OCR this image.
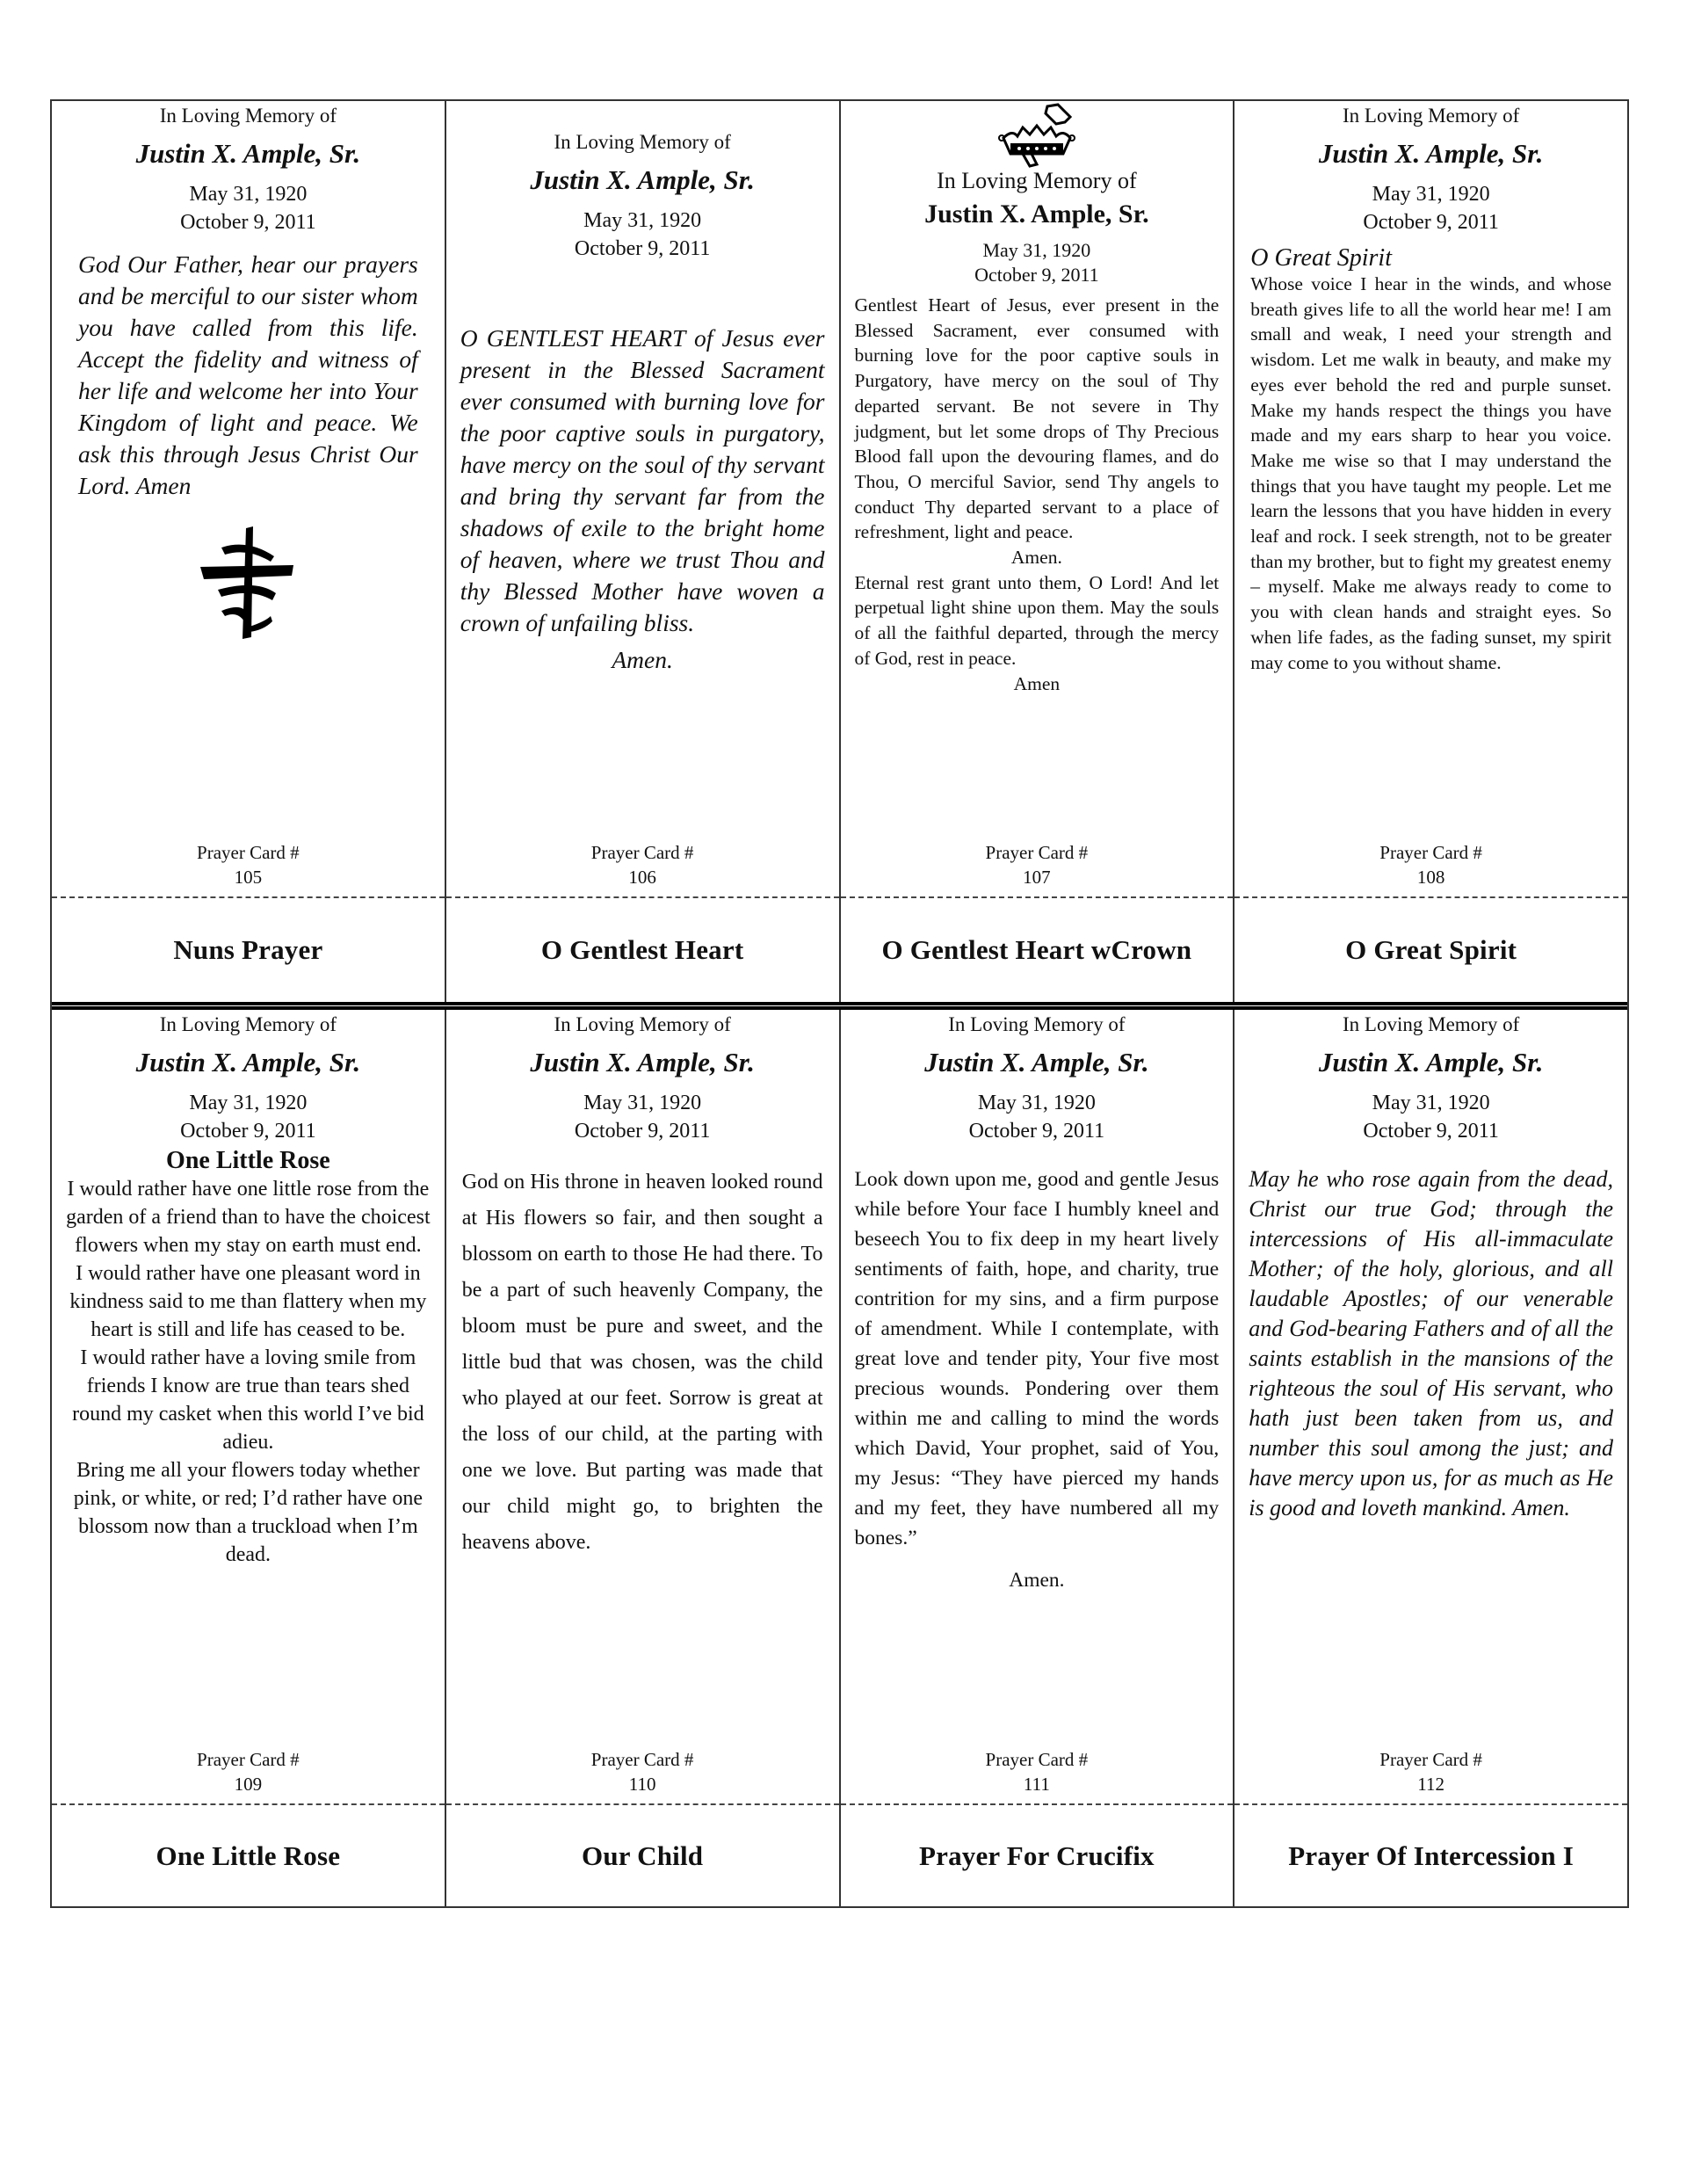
In Loving Memory of
Justin X. Ample, Sr.
May 31, 1920
October 9, 2011

God Our Father, hear our prayers and be merciful to our sister whom you have called from this life. Accept the fidelity and witness of her life and welcome her into Your Kingdom of light and peace. We ask this through Jesus Christ Our Lord. Amen

Prayer Card #
105
Nuns Prayer
In Loving Memory of
Justin X. Ample, Sr.
May 31, 1920
October 9, 2011

O GENTLEST HEART of Jesus ever present in the Blessed Sacrament ever consumed with burning love for the poor captive souls in purgatory, have mercy on the soul of thy servant and bring thy servant far from the shadows of exile to the bright home of heaven, where we trust Thou and thy Blessed Mother have woven a crown of unfailing bliss.

Amen.
Prayer Card #
106
O Gentlest Heart
In Loving Memory of
Justin X. Ample, Sr.
May 31, 1920
October 9, 2011

Gentlest Heart of Jesus, ever present in the Blessed Sacrament, ever consumed with burning love for the poor captive souls in Purgatory, have mercy on the soul of Thy departed servant. Be not severe in Thy judgment, but let some drops of Thy Precious Blood fall upon the devouring flames, and do Thou, O merciful Savior, send Thy angels to conduct Thy departed servant to a place of refreshment, light and peace.

Amen.

Eternal rest grant unto them, O Lord! And let perpetual light shine upon them. May the souls of all the faithful departed, through the mercy of God, rest in peace.

Amen
Prayer Card #
107
O Gentlest Heart wCrown
In Loving Memory of
Justin X. Ample, Sr.
May 31, 1920
October 9, 2011
O Great Spirit

Whose voice I hear in the winds, and whose breath gives life to all the world hear me! I am small and weak, I need your strength and wisdom. Let me walk in beauty, and make my eyes ever behold the red and purple sunset. Make my hands respect the things you have made and my ears sharp to hear you voice. Make me wise so that I may understand the things that you have taught my people. Let me learn the lessons that you have hidden in every leaf and rock. I seek strength, not to be greater than my brother, but to fight my greatest enemy – myself. Make me always ready to come to you with clean hands and straight eyes. So when life fades, as the fading sunset, my spirit may come to you without shame.

Prayer Card #
108
O Great Spirit
In Loving Memory of
Justin X. Ample, Sr.
May 31, 1920
October 9, 2011
One Little Rose

I would rather have one little rose from the garden of a friend than to have the choicest flowers when my stay on earth must end.

I would rather have one pleasant word in kindness said to me than flattery when my heart is still and life has ceased to be.

I would rather have a loving smile from friends I know are true than tears shed round my casket when this world I’ve bid adieu.

Bring me all your flowers today whether pink, or white, or red; I’d rather have one blossom now than a truckload when I’m dead.

Prayer Card #
109
One Little Rose
In Loving Memory of
Justin X. Ample, Sr.
May 31, 1920
October 9, 2011

God on His throne in heaven looked round at His flowers so fair, and then sought a blossom on earth to those He had there. To be a part of such heavenly Company, the bloom must be pure and sweet, and the little bud that was chosen, was the child who played at our feet. Sorrow is great at the loss of our child, at the parting with one we love. But parting was made that our child might go, to brighten the heavens above.

Prayer Card #
110
Our Child
In Loving Memory of
Justin X. Ample, Sr.
May 31, 1920
October 9, 2011

Look down upon me, good and gentle Jesus while before Your face I humbly kneel and beseech You to fix deep in my heart lively sentiments of faith, hope, and charity, true contrition for my sins, and a firm purpose of amendment. While I contemplate, with great love and tender pity, Your five most precious wounds. Pondering over them within me and calling to mind the words which David, Your prophet, said of You, my Jesus: “They have pierced my hands and my feet, they have numbered all my bones.”

Amen.
Prayer Card #
111
Prayer For Crucifix
In Loving Memory of
Justin X. Ample, Sr.
May 31, 1920
October 9, 2011

May he who rose again from the dead, Christ our true God; through the intercessions of His all-immaculate Mother; of the holy, glorious, and all laudable Apostles; of our venerable and God-bearing Fathers and of all the saints establish in the mansions of the righteous the soul of His servant, who hath just been taken from us, and number this soul among the just; and have mercy upon us, for as much as He is good and loveth mankind. Amen.

Prayer Card #
112
Prayer Of Intercession I
